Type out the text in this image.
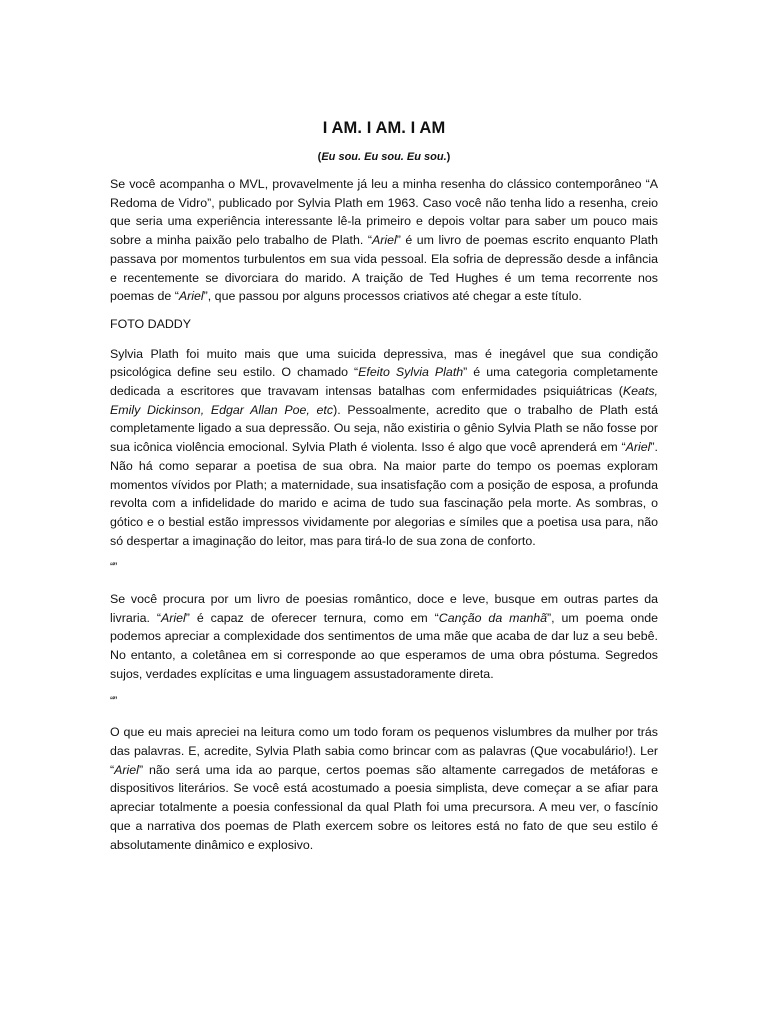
I AM. I AM. I AM

(Eu sou. Eu sou. Eu sou.)

Se você acompanha o MVL, provavelmente já leu a minha resenha do clássico contemporâneo “A Redoma de Vidro”, publicado por Sylvia Plath em 1963. Caso você não tenha lido a resenha, creio que seria uma experiência interessante lê-la primeiro e depois voltar para saber um pouco mais sobre a minha paixão pelo trabalho de Plath. “Ariel” é um livro de poemas escrito enquanto Plath passava por momentos turbulentos em sua vida pessoal. Ela sofria de depressão desde a infância e recentemente se divorciara do marido. A traição de Ted Hughes é um tema recorrente nos poemas de “Ariel”, que passou por alguns processos criativos até chegar a este título.

FOTO DADDY

Sylvia Plath foi muito mais que uma suicida depressiva, mas é inegável que sua condição psicológica define seu estilo. O chamado “Efeito Sylvia Plath” é uma categoria completamente dedicada a escritores que travavam intensas batalhas com enfermidades psiquiátricas (Keats, Emily Dickinson, Edgar Allan Poe, etc). Pessoalmente, acredito que o trabalho de Plath está completamente ligado a sua depressão. Ou seja, não existiria o gênio Sylvia Plath se não fosse por sua icônica violência emocional. Sylvia Plath é violenta. Isso é algo que você aprenderá em “Ariel”. Não há como separar a poetisa de sua obra. Na maior parte do tempo os poemas exploram momentos vívidos por Plath; a maternidade, sua insatisfação com a posição de esposa, a profunda revolta com a infidelidade do marido e acima de tudo sua fascinação pela morte. As sombras, o gótico e o bestial estão impressos vividamente por alegorias e símiles que a poetisa usa para, não só despertar a imaginação do leitor, mas para tirá-lo de sua zona de conforto.

“”

Se você procura por um livro de poesias romântico, doce e leve, busque em outras partes da livraria. “Ariel” é capaz de oferecer ternura, como em “Canção da manhã”, um poema onde podemos apreciar a complexidade dos sentimentos de uma mãe que acaba de dar luz a seu bebê. No entanto, a coletânea em si corresponde ao que esperamos de uma obra póstuma. Segredos sujos, verdades explícitas e uma linguagem assustadoramente direta.

“”

O que eu mais apreciei na leitura como um todo foram os pequenos vislumbres da mulher por trás das palavras. E, acredite, Sylvia Plath sabia como brincar com as palavras (Que vocabulário!). Ler “Ariel” não será uma ida ao parque, certos poemas são altamente carregados de metáforas e dispositivos literários. Se você está acostumado a poesia simplista, deve começar a se afiar para apreciar totalmente a poesia confessional da qual Plath foi uma precursora. A meu ver, o fascínio que a narrativa dos poemas de Plath exercem sobre os leitores está no fato de que seu estilo é absolutamente dinâmico e explosivo.
